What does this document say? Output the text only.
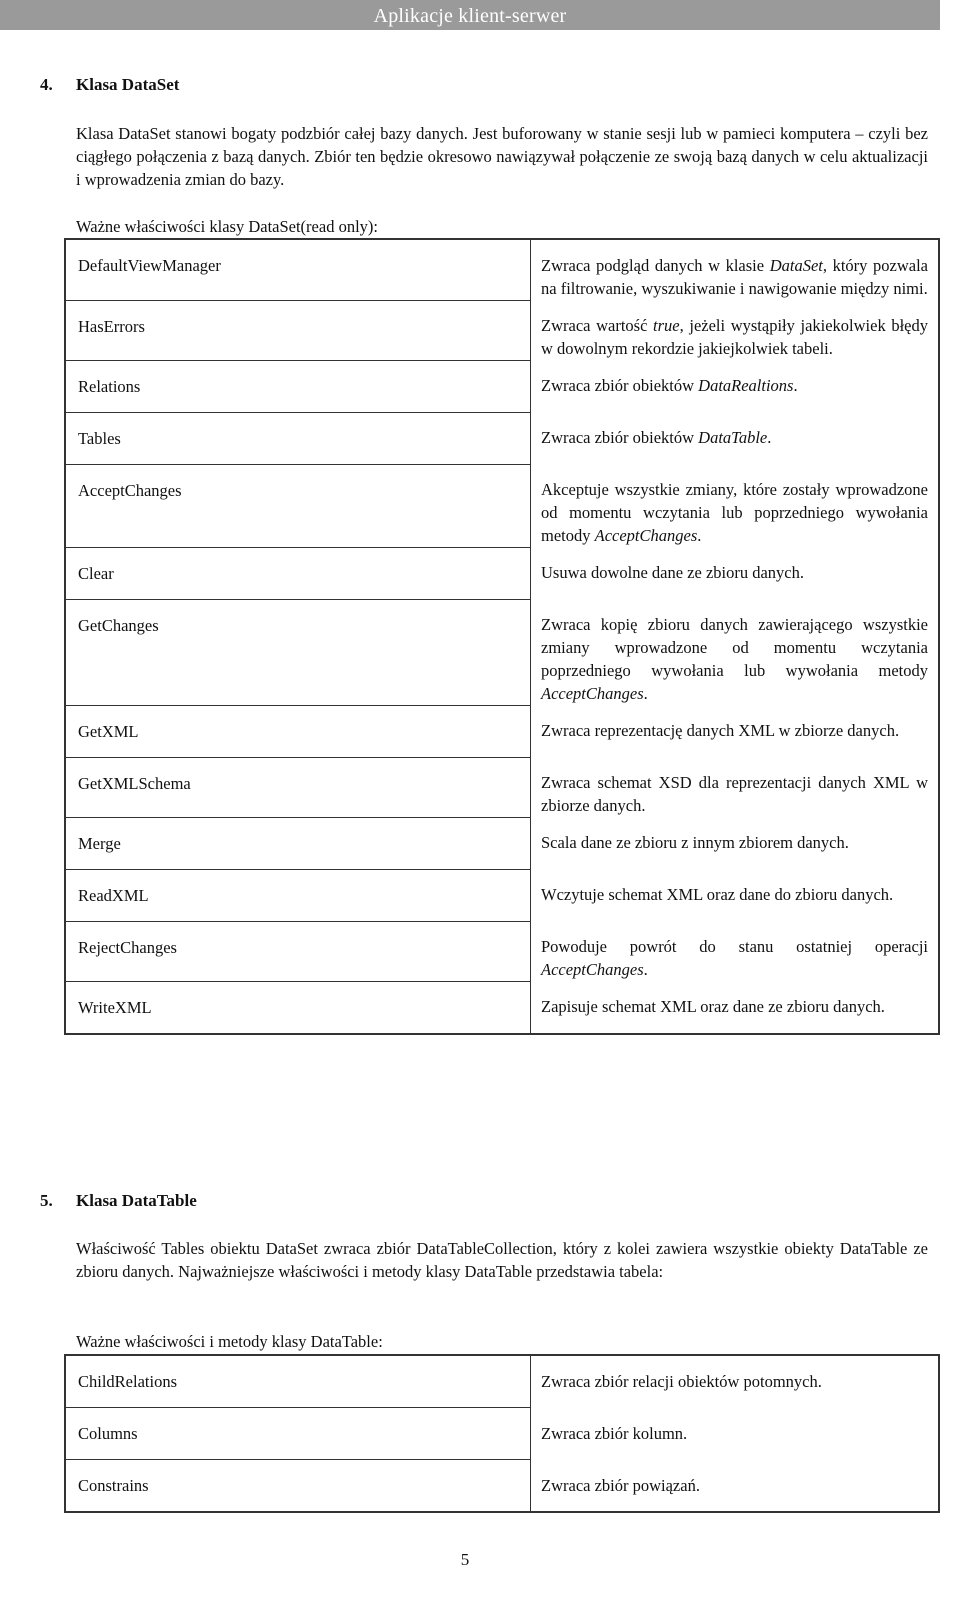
Aplikacje klient-serwer
4. Klasa DataSet

Klasa DataSet stanowi bogaty podzbiór całej bazy danych. Jest buforowany w stanie sesji lub w pamieci komputera – czyli bez ciągłego połączenia z bazą danych. Zbiór ten będzie okresowo nawiązywał połączenie ze swoją bazą danych w celu aktualizacji i wprowadzenia zmian do bazy.

Ważne właściwości klasy DataSet(read only):

DefaultViewManager	Zwraca podgląd danych w klasie DataSet, który pozwala na filtrowanie, wyszukiwanie i nawigowanie między nimi.

HasErrors	Zwraca wartość true, jeżeli wystąpiły jakiekolwiek błędy w dowolnym rekordzie jakiejkolwiek tabeli.

Relations	Zwraca zbiór obiektów DataRealtions.

Tables	Zwraca zbiór obiektów DataTable.

AcceptChanges	Akceptuje wszystkie zmiany, które zostały wprowadzone od momentu wczytania lub poprzedniego wywołania metody AcceptChanges.

Clear	Usuwa dowolne dane ze zbioru danych.

GetChanges	Zwraca kopię zbioru danych zawierającego wszystkie zmiany wprowadzone od momentu wczytania poprzedniego wywołania lub wywołania metody AcceptChanges.

GetXML	Zwraca reprezentację danych XML w zbiorze danych.

GetXMLSchema	Zwraca schemat XSD dla reprezentacji danych XML w zbiorze danych.

Merge	Scala dane ze zbioru z innym zbiorem danych.

ReadXML	Wczytuje schemat XML oraz dane do zbioru danych.

RejectChanges	Powoduje powrót do stanu ostatniej operacji AcceptChanges.

WriteXML	Zapisuje schemat XML oraz dane ze zbioru danych.
5. Klasa DataTable

Właściwość Tables obiektu DataSet zwraca zbiór DataTableCollection, który z kolei zawiera wszystkie obiekty DataTable ze zbioru danych. Najważniejsze właściwości i metody klasy DataTable przedstawia tabela:

Ważne właściwości i metody klasy DataTable:

ChildRelations	Zwraca zbiór relacji obiektów potomnych.

Columns	Zwraca zbiór kolumn.

Constrains	Zwraca zbiór powiązań.
5
